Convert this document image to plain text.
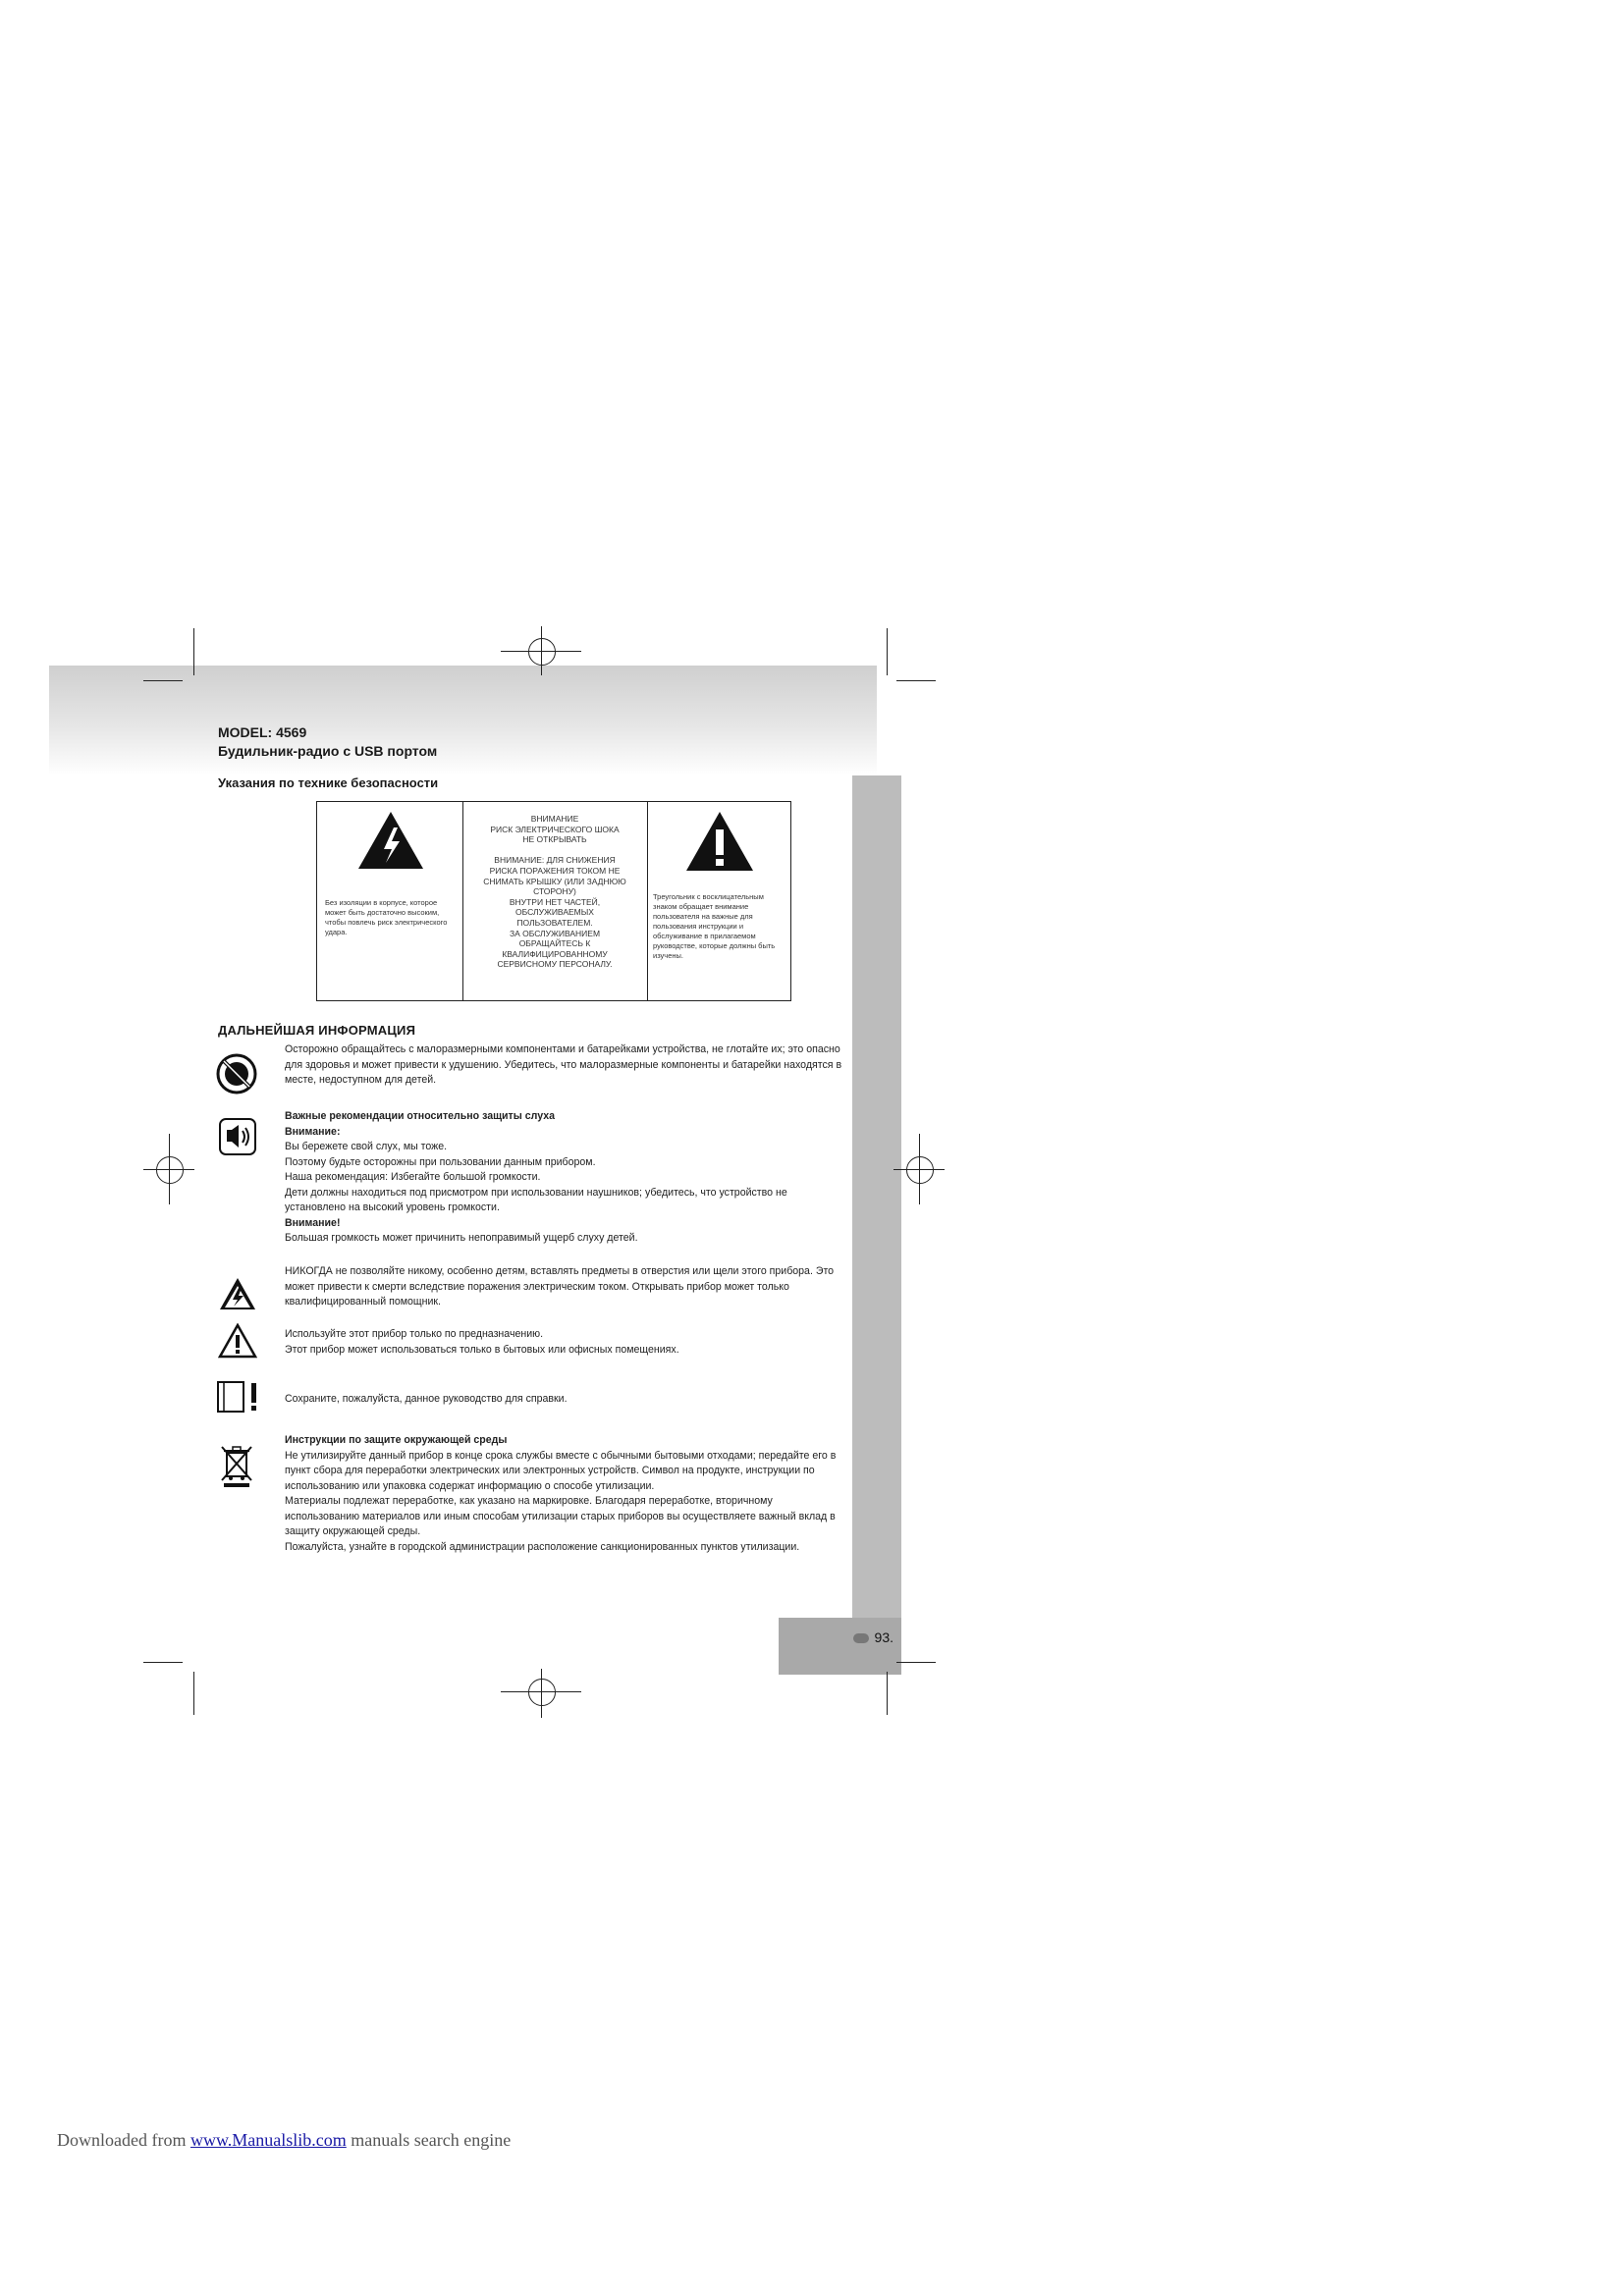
93.
MODEL: 4569
Будильник-радио с USB портом
Указания по технике безопасности
Без изоляции в корпусе, которое может быть достаточно высоким, чтобы повлечь риск электрического удара.
ВНИМАНИЕ
РИСК ЭЛЕКТРИЧЕСКОГО ШОКА
НЕ ОТКРЫВАТЬ

ВНИМАНИЕ: ДЛЯ СНИЖЕНИЯ
РИСКА ПОРАЖЕНИЯ ТОКОМ НЕ
СНИМАТЬ КРЫШКУ (ИЛИ ЗАДНЮЮ
СТОРОНУ)
ВНУТРИ НЕТ ЧАСТЕЙ,
ОБСЛУЖИВАЕМЫХ
ПОЛЬЗОВАТЕЛЕМ.
ЗА ОБСЛУЖИВАНИЕМ
ОБРАЩАЙТЕСЬ К
КВАЛИФИЦИРОВАННОМУ
СЕРВИСНОМУ ПЕРСОНАЛУ.
Треугольник с восклицательным знаком обращает внимание пользователя на важные для пользования инструкции и обслуживание в прилагаемом руководстве, которые должны быть изучены.
ДАЛЬНЕЙШАЯ ИНФОРМАЦИЯ
Осторожно обращайтесь с малоразмерными компонентами и батарейками устройства, не глотайте их; это опасно для здоровья и может привести к удушению. Убедитесь, что малоразмерные компоненты и батарейки находятся в месте, недоступном для детей.
Важные рекомендации относительно защиты слуха
Внимание:
Вы бережете свой слух, мы тоже.
Поэтому будьте осторожны при пользовании данным прибором.
Наша рекомендация: Избегайте большой громкости.
Дети должны находиться под присмотром при использовании наушников; убедитесь, что устройство не установлено на высокий уровень громкости.
Внимание!
Большая громкость может причинить непоправимый ущерб слуху детей.
НИКОГДА не позволяйте никому, особенно детям, вставлять предметы в отверстия или щели этого прибора. Это может привести к смерти вследствие поражения электрическим током. Открывать прибор может только квалифицированный помощник.
Используйте этот прибор только по предназначению.
Этот прибор может использоваться только в бытовых или офисных помещениях.
Сохраните, пожалуйста, данное руководство для справки.
Инструкции по защите окружающей среды
Не утилизируйте данный прибор в конце срока службы вместе с обычными бытовыми отходами; передайте его в пункт сбора для переработки электрических или электронных устройств. Символ на продукте, инструкции по использованию или упаковка содержат информацию о способе утилизации.
Материалы подлежат переработке, как указано на маркировке. Благодаря переработке, вторичному использованию материалов или иным способам утилизации старых приборов вы осуществляете важный вклад в защиту окружающей среды.
Пожалуйста, узнайте в городской администрации расположение санкционированных пунктов утилизации.
Downloaded from www.Manualslib.com manuals search engine
